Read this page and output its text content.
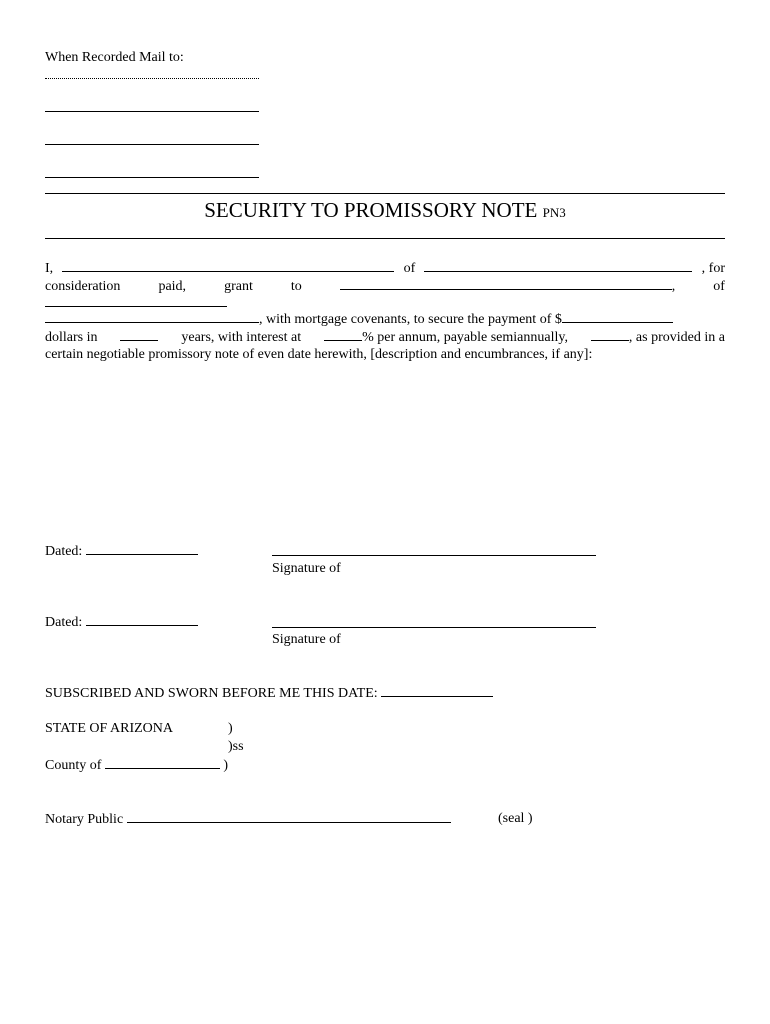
When Recorded Mail to:
SECURITY TO PROMISSORY NOTE PN3
I,	of	, for
consideration	paid,	grant	to	,	of
, with mortgage covenants, to secure the payment of $
dollars in	years, with interest at	% per annum, payable semiannually,	, as provided in a
certain negotiable promissory note of even date herewith, [description and encumbrances, if any]:
Dated:
Signature of
Dated:
Signature of
SUBSCRIBED AND SWORN BEFORE ME THIS DATE:
STATE OF ARIZONA	)
)ss
County of	)
Notary Public	(seal )
